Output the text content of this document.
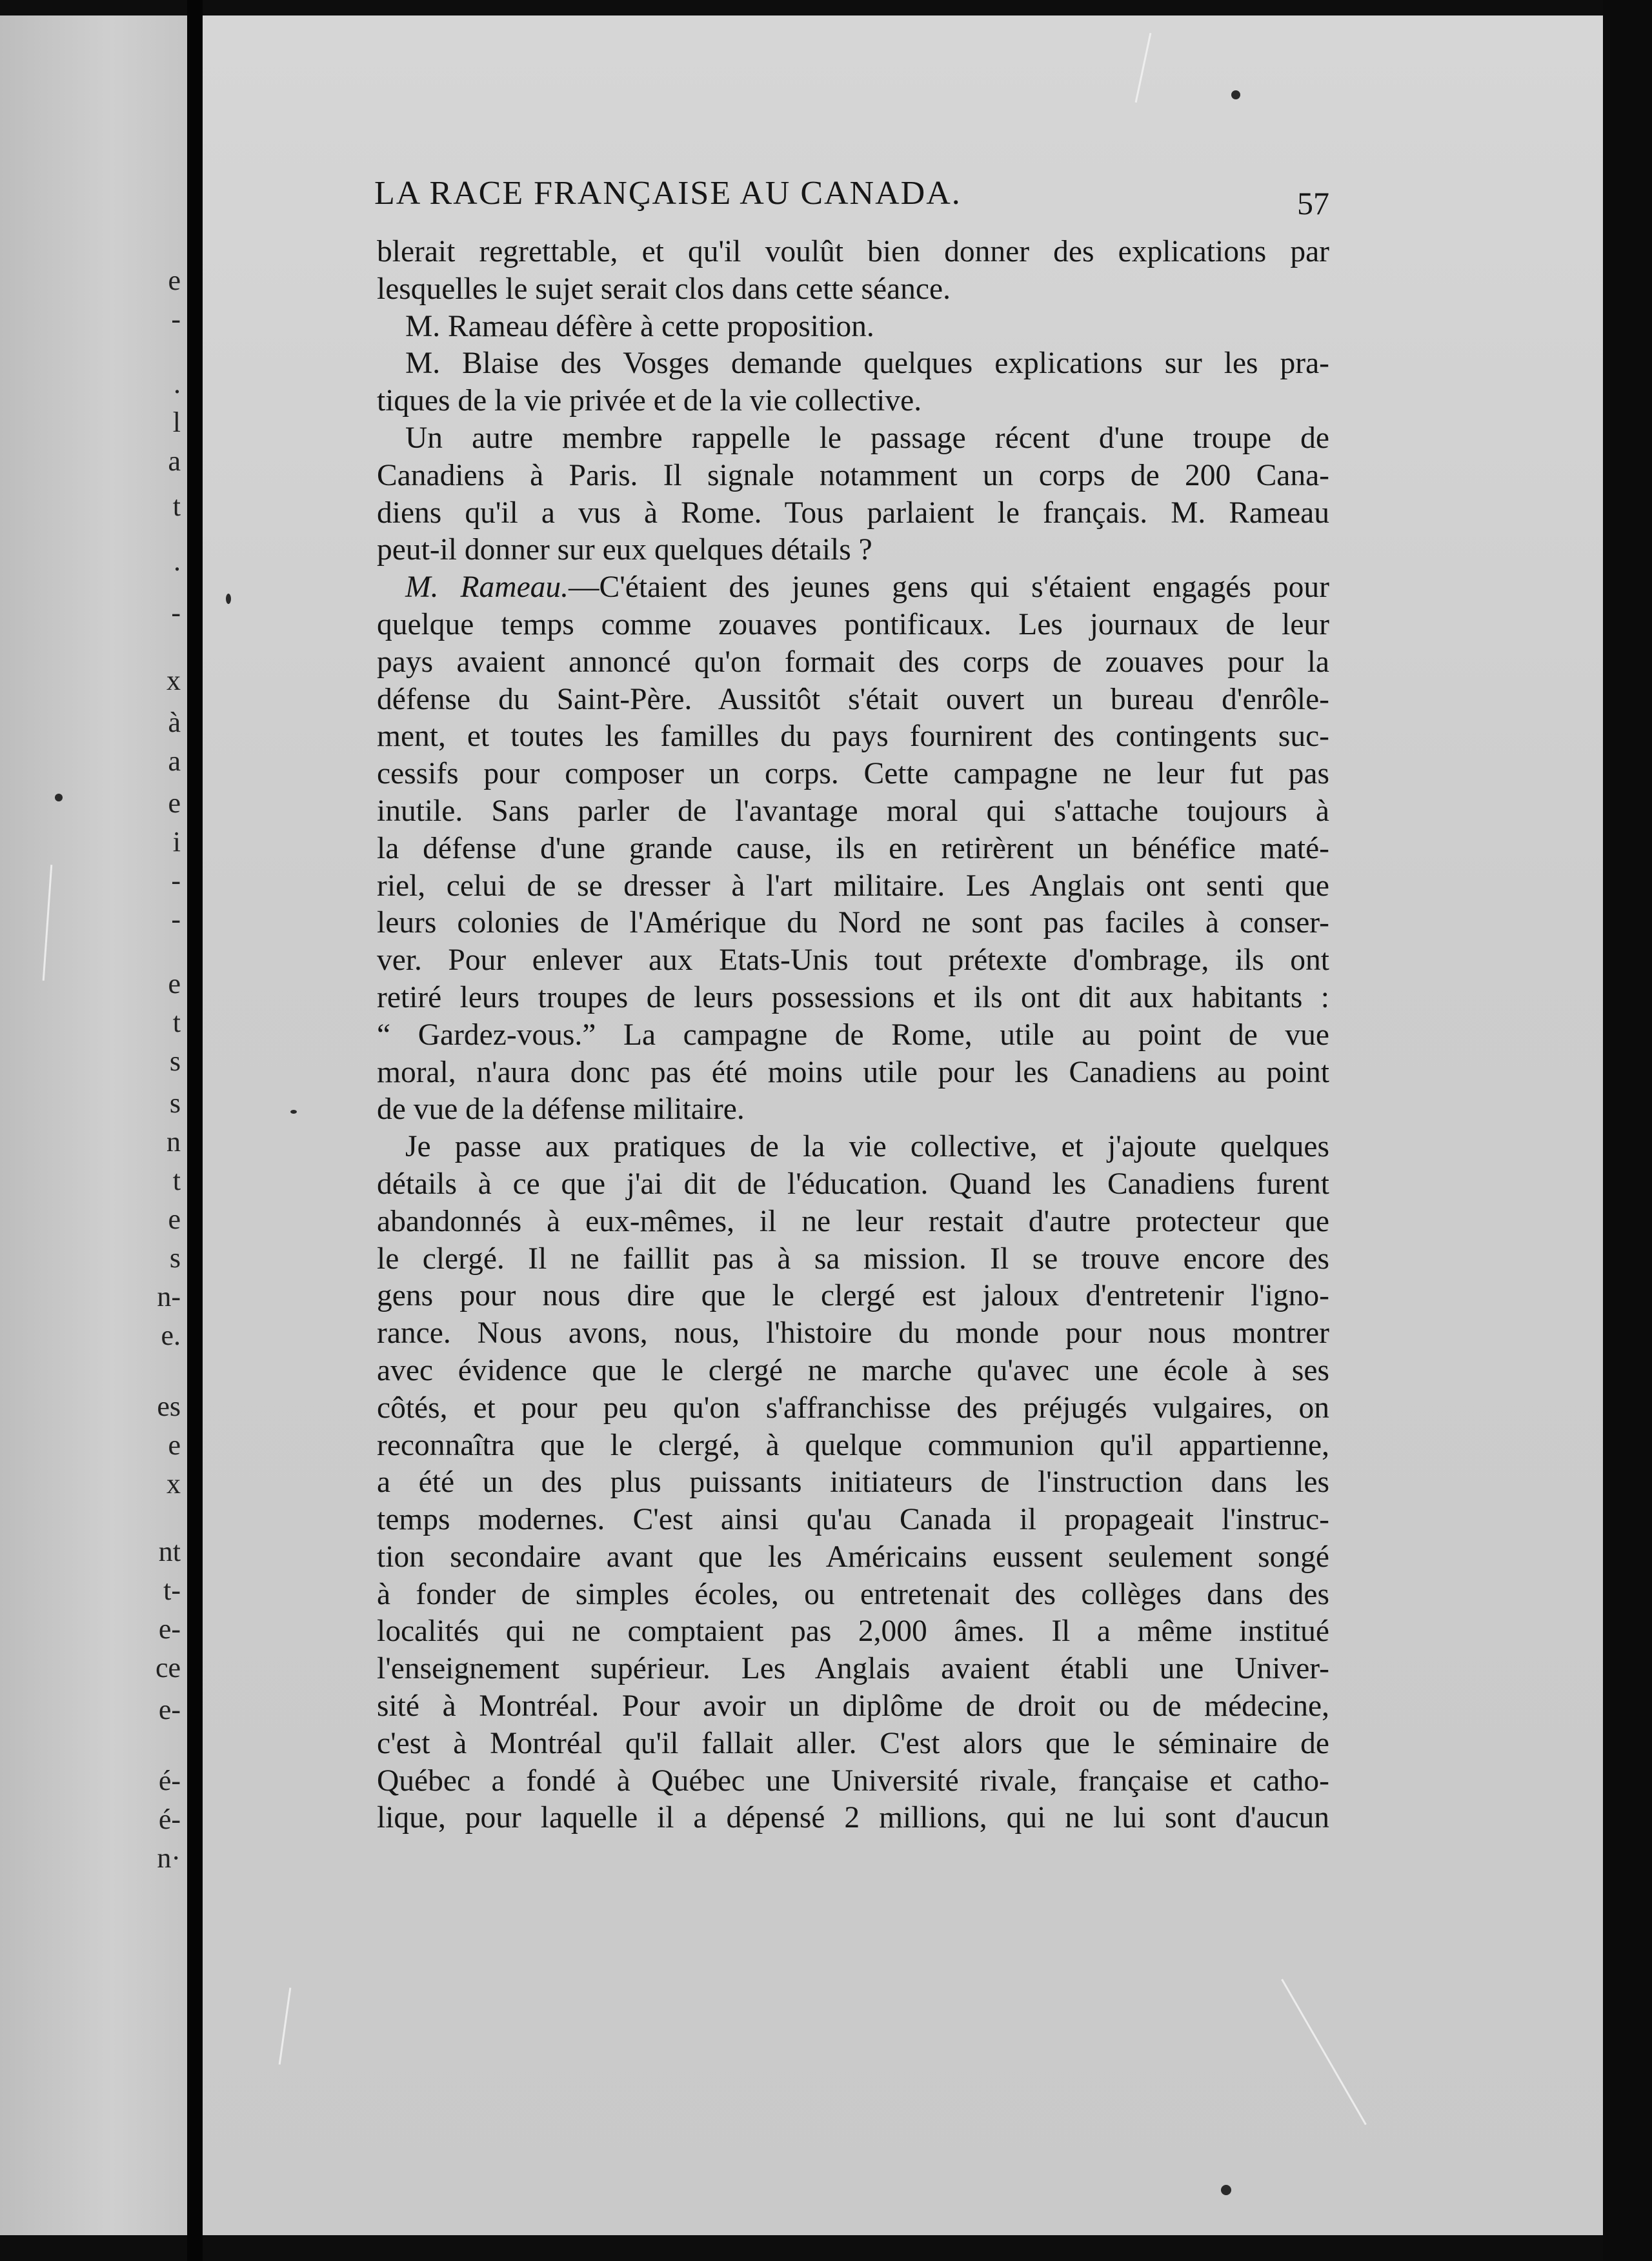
e
-
.
l
a
t
.
-
x
à
a
e
i
-
-
e
t
s
s
n
t
e
s
n-
e.
es
e
x
nt
t-
e-
ce
e-
é-
é-
n·
LA RACE FRANÇAISE AU CANADA.	57
blerait regrettable, et qu'il voulût bien donner des explications par
lesquelles le sujet serait clos dans cette séance.
M. Rameau défère à cette proposition.
M. Blaise des Vosges demande quelques explications sur les pra-
tiques de la vie privée et de la vie collective.
Un autre membre rappelle le passage récent d'une troupe de
Canadiens à Paris. Il signale notamment un corps de 200 Cana-
diens qu'il a vus à Rome. Tous parlaient le français. M. Rameau
peut-il donner sur eux quelques détails ?
M. Rameau.—C'étaient des jeunes gens qui s'étaient engagés pour
quelque temps comme zouaves pontificaux. Les journaux de leur
pays avaient annoncé qu'on formait des corps de zouaves pour la
défense du Saint-Père. Aussitôt s'était ouvert un bureau d'enrôle-
ment, et toutes les familles du pays fournirent des contingents suc-
cessifs pour composer un corps. Cette campagne ne leur fut pas
inutile. Sans parler de l'avantage moral qui s'attache toujours à
la défense d'une grande cause, ils en retirèrent un bénéfice maté-
riel, celui de se dresser à l'art militaire. Les Anglais ont senti que
leurs colonies de l'Amérique du Nord ne sont pas faciles à conser-
ver. Pour enlever aux Etats-Unis tout prétexte d'ombrage, ils ont
retiré leurs troupes de leurs possessions et ils ont dit aux habitants :
“ Gardez-vous.” La campagne de Rome, utile au point de vue
moral, n'aura donc pas été moins utile pour les Canadiens au point
de vue de la défense militaire.
Je passe aux pratiques de la vie collective, et j'ajoute quelques
détails à ce que j'ai dit de l'éducation. Quand les Canadiens furent
abandonnés à eux-mêmes, il ne leur restait d'autre protecteur que
le clergé. Il ne faillit pas à sa mission. Il se trouve encore des
gens pour nous dire que le clergé est jaloux d'entretenir l'igno-
rance. Nous avons, nous, l'histoire du monde pour nous montrer
avec évidence que le clergé ne marche qu'avec une école à ses
côtés, et pour peu qu'on s'affranchisse des préjugés vulgaires, on
reconnaîtra que le clergé, à quelque communion qu'il appartienne,
a été un des plus puissants initiateurs de l'instruction dans les
temps modernes. C'est ainsi qu'au Canada il propageait l'instruc-
tion secondaire avant que les Américains eussent seulement songé
à fonder de simples écoles, ou entretenait des collèges dans des
localités qui ne comptaient pas 2,000 âmes. Il a même institué
l'enseignement supérieur. Les Anglais avaient établi une Univer-
sité à Montréal. Pour avoir un diplôme de droit ou de médecine,
c'est à Montréal qu'il fallait aller. C'est alors que le séminaire de
Québec a fondé à Québec une Université rivale, française et catho-
lique, pour laquelle il a dépensé 2 millions, qui ne lui sont d'aucun
